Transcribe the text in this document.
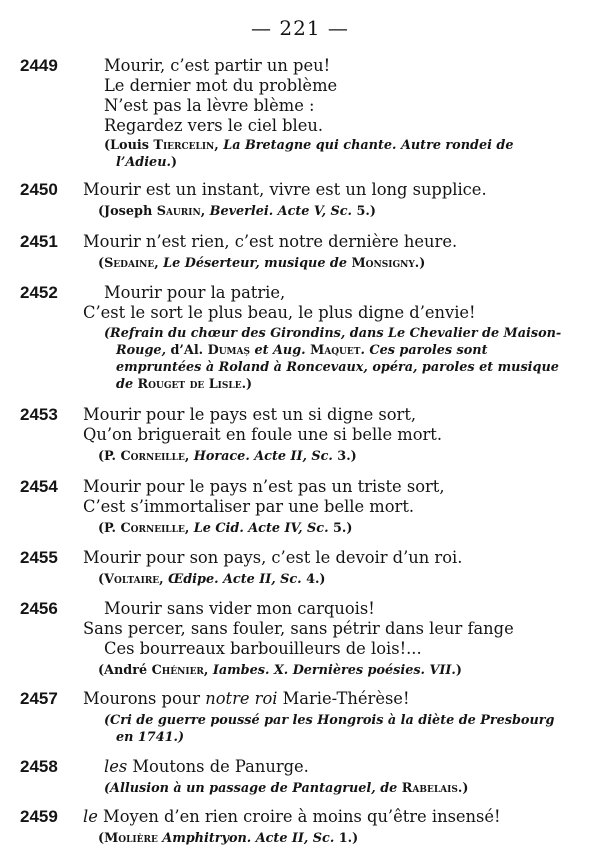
— 221 —
2449	Mourir, c’est partir un peu!
Le dernier mot du problème
N’est pas la lèvre blème :
Regardez vers le ciel bleu.
(Louis Tiercelin, La Bretagne qui chante. Autre rondei de
l’Adieu.)
2450 Mourir est un instant, vivre est un long supplice.
(Joseph Saurin, Beverlei. Acte V, Sc. 5.)
2451 Mourir n’est rien, c’est notre dernière heure.
(Sedaine, Le Déserteur, musique de Monsigny.)
2452	Mourir pour la patrie,
C’est le sort le plus beau, le plus digne d’envie!
(Refrain du chœur des Girondins, dans Le Chevalier de Maison-
Rouge, d’Al. Dumaș et Aug. Maquet. Ces paroles sont
empruntées à Roland à Roncevaux, opéra, paroles et musique
de Rouget de Lisle.)
2453 Mourir pour le pays est un si digne sort,
Qu’on briguerait en foule une si belle mort.
(P. Corneille, Horace. Acte II, Sc. 3.)
2454 Mourir pour le pays n’est pas un triste sort,
C’est s’immortaliser par une belle mort.
(P. Corneille, Le Cid. Acte IV, Sc. 5.)
2455 Mourir pour son pays, c’est le devoir d’un roi.
(Voltaire, Œdipe. Acte II, Sc. 4.)
2456	Mourir sans vider mon carquois!
Sans percer, sans fouler, sans pétrir dans leur fange
Ces bourreaux barbouilleurs de lois!...
(André Chénier, Iambes. X. Dernières poésies. VII.)
2457 Mourons pour notre roi Marie-Thérèse!
(Cri de guerre poussé par les Hongrois à la diète de Presbourg
en 1741.)
2458	les Moutons de Panurge.
(Allusion à un passage de Pantagruel, de Rabelais.)
2459 le Moyen d’en rien croire à moins qu’être insensé!
(Molière Amphitryon. Acte II, Sc. 1.)
